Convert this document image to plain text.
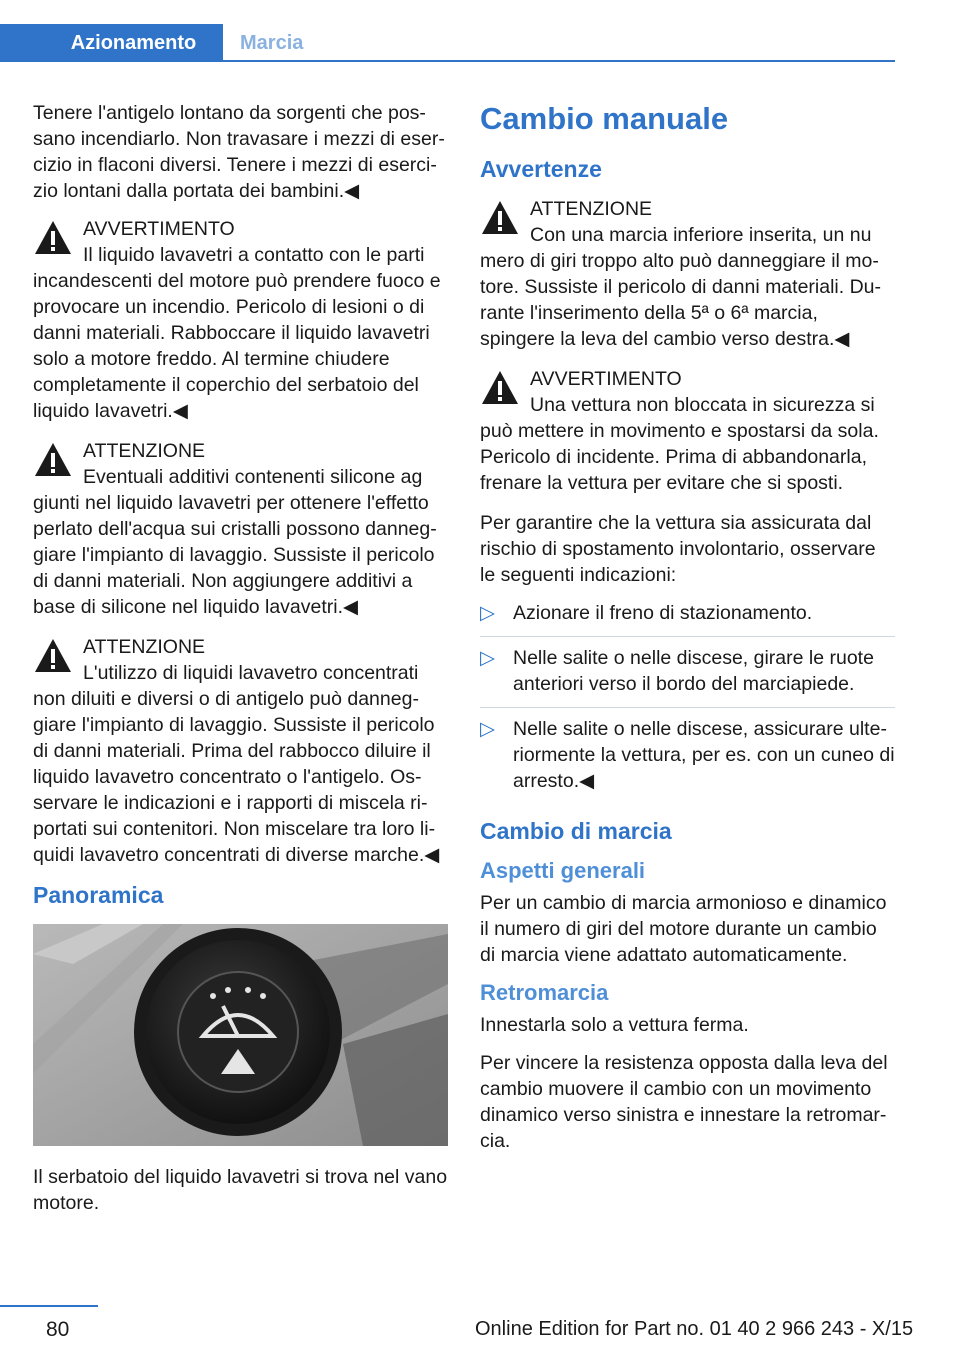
Azionamento Marcia

Tenere l'antigelo lontano da sorgenti che possano incendiarlo. Non travasare i mezzi di esercizio in flaconi diversi. Tenere i mezzi di esercizio lontani dalla portata dei bambini.◀

AVVERTIMENTO
Il liquido lavavetri a contatto con le parti
incandescenti del motore può prendere fuoco e provocare un incendio. Pericolo di lesioni o di danni materiali. Rabboccare il liquido lavavetri solo a motore freddo. Al termine chiudere completamente il coperchio del serbatoio del liquido lavavetri.◀
ATTENZIONE
Eventuali additivi contenenti silicone ag
giunti nel liquido lavavetri per ottenere l'effetto perlato dell'acqua sui cristalli possono danneggiare l'impianto di lavaggio. Sussiste il pericolo di danni materiali. Non aggiungere additivi a base di silicone nel liquido lavavetri.◀
ATTENZIONE
L'utilizzo di liquidi lavavetro concentrati
non diluiti e diversi o di antigelo può danneggiare l'impianto di lavaggio. Sussiste il pericolo di danni materiali. Prima del rabbocco diluire il liquido lavavetro concentrato o l'antigelo. Osservare le indicazioni e i rapporti di miscela riportati sui contenitori. Non miscelare tra loro liquidi lavavetro concentrati di diverse marche.◀
Panoramica

Il serbatoio del liquido lavavetri si trova nel vano motore.

Cambio manuale
Avvertenze
ATTENZIONE
Con una marcia inferiore inserita, un nu
mero di giri troppo alto può danneggiare il motore. Sussiste il pericolo di danni materiali. Durante l'inserimento della 5ª o 6ª marcia, spingere la leva del cambio verso destra.◀
AVVERTIMENTO
Una vettura non bloccata in sicurezza si
può mettere in movimento e spostarsi da sola. Pericolo di incidente. Prima di abbandonarla, frenare la vettura per evitare che si sposti.

Per garantire che la vettura sia assicurata dal rischio di spostamento involontario, osservare le seguenti indicazioni:

▷ Azionare il freno di stazionamento.
▷ Nelle salite o nelle discese, girare le ruote anteriori verso il bordo del marciapiede.
▷ Nelle salite o nelle discese, assicurare ulteriormente la vettura, per es. con un cuneo di arresto.◀
Cambio di marcia
Aspetti generali

Per un cambio di marcia armonioso e dinamico il numero di giri del motore durante un cambio di marcia viene adattato automaticamente.

Retromarcia

Innestarla solo a vettura ferma.

Per vincere la resistenza opposta dalla leva del cambio muovere il cambio con un movimento dinamico verso sinistra e innestare la retromarcia.

80	Online Edition for Part no. 01 40 2 966 243 - X/15
